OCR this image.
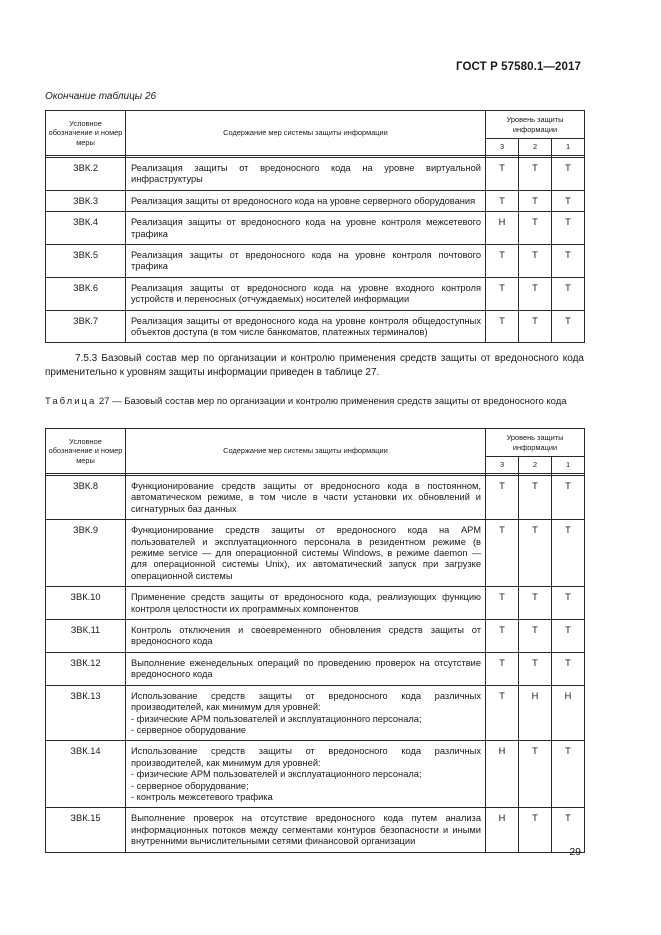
ГОСТ Р 57580.1—2017
Окончание таблицы 26
Условное обозначение и номер меры	Содержание мер системы защиты информации	Уровень защиты информации		
		3	2	1

ЗВК.2	Реализация защиты от вредоносного кода на уровне виртуальной инфраструктуры	Т	Т	Т
ЗВК.3	Реализация защиты от вредоносного кода на уровне серверного оборудования	Т	Т	Т
ЗВК.4	Реализация защиты от вредоносного кода на уровне контроля межсетевого трафика	Н	Т	Т
ЗВК.5	Реализация защиты от вредоносного кода на уровне контроля почтового трафика	Т	Т	Т
ЗВК.6	Реализация защиты от вредоносного кода на уровне входного контроля устройств и переносных (отчуждаемых) носителей информации	Т	Т	Т
ЗВК.7	Реализация защиты от вредоносного кода на уровне контроля общедоступных объектов доступа (в том числе банкоматов, платежных терминалов)	Т	Т	Т
7.5.3 Базовый состав мер по организации и контролю применения средств защиты от вредоносного кода применительно к уровням защиты информации приведен в таблице 27.
Таблица 27 — Базовый состав мер по организации и контролю применения средств защиты от вредоносного кода
Условное обозначение и номер меры	Содержание мер системы защиты информации	Уровень защиты информации		
		3	2	1

ЗВК.8	Функционирование средств защиты от вредоносного кода в постоянном, автоматическом режиме, в том числе в части установки их обновлений и сигнатурных баз данных	Т	Т	Т
ЗВК.9	Функционирование средств защиты от вредоносного кода на АРМ пользователей и эксплуатационного персонала в резидентном режиме (в режиме service — для операционной системы Windows, в режиме daemon — для операционной системы Unix), их автоматический запуск при загрузке операционной системы	Т	Т	Т
ЗВК.10	Применение средств защиты от вредоносного кода, реализующих функцию контроля целостности их программных компонентов	Т	Т	Т
ЗВК.11	Контроль отключения и своевременного обновления средств защиты от вредоносного кода	Т	Т	Т
ЗВК.12	Выполнение еженедельных операций по проведению проверок на отсутствие вредоносного кода	Т	Т	Т
ЗВК.13	Использование средств защиты от вредоносного кода различных производителей, как минимум для уровней:
- физические АРМ пользователей и эксплуатационного персонала;
- серверное оборудование	Т	Н	Н
ЗВК.14	Использование средств защиты от вредоносного кода различных производителей, как минимум для уровней:
- физические АРМ пользователей и эксплуатационного персонала;
- серверное оборудование;
- контроль межсетевого трафика	Н	Т	Т
ЗВК.15	Выполнение проверок на отсутствие вредоносного кода путем анализа информационных потоков между сегментами контуров безопасности и иными внутренними вычислительными сетями финансовой организации	Н	Т	Т
29
